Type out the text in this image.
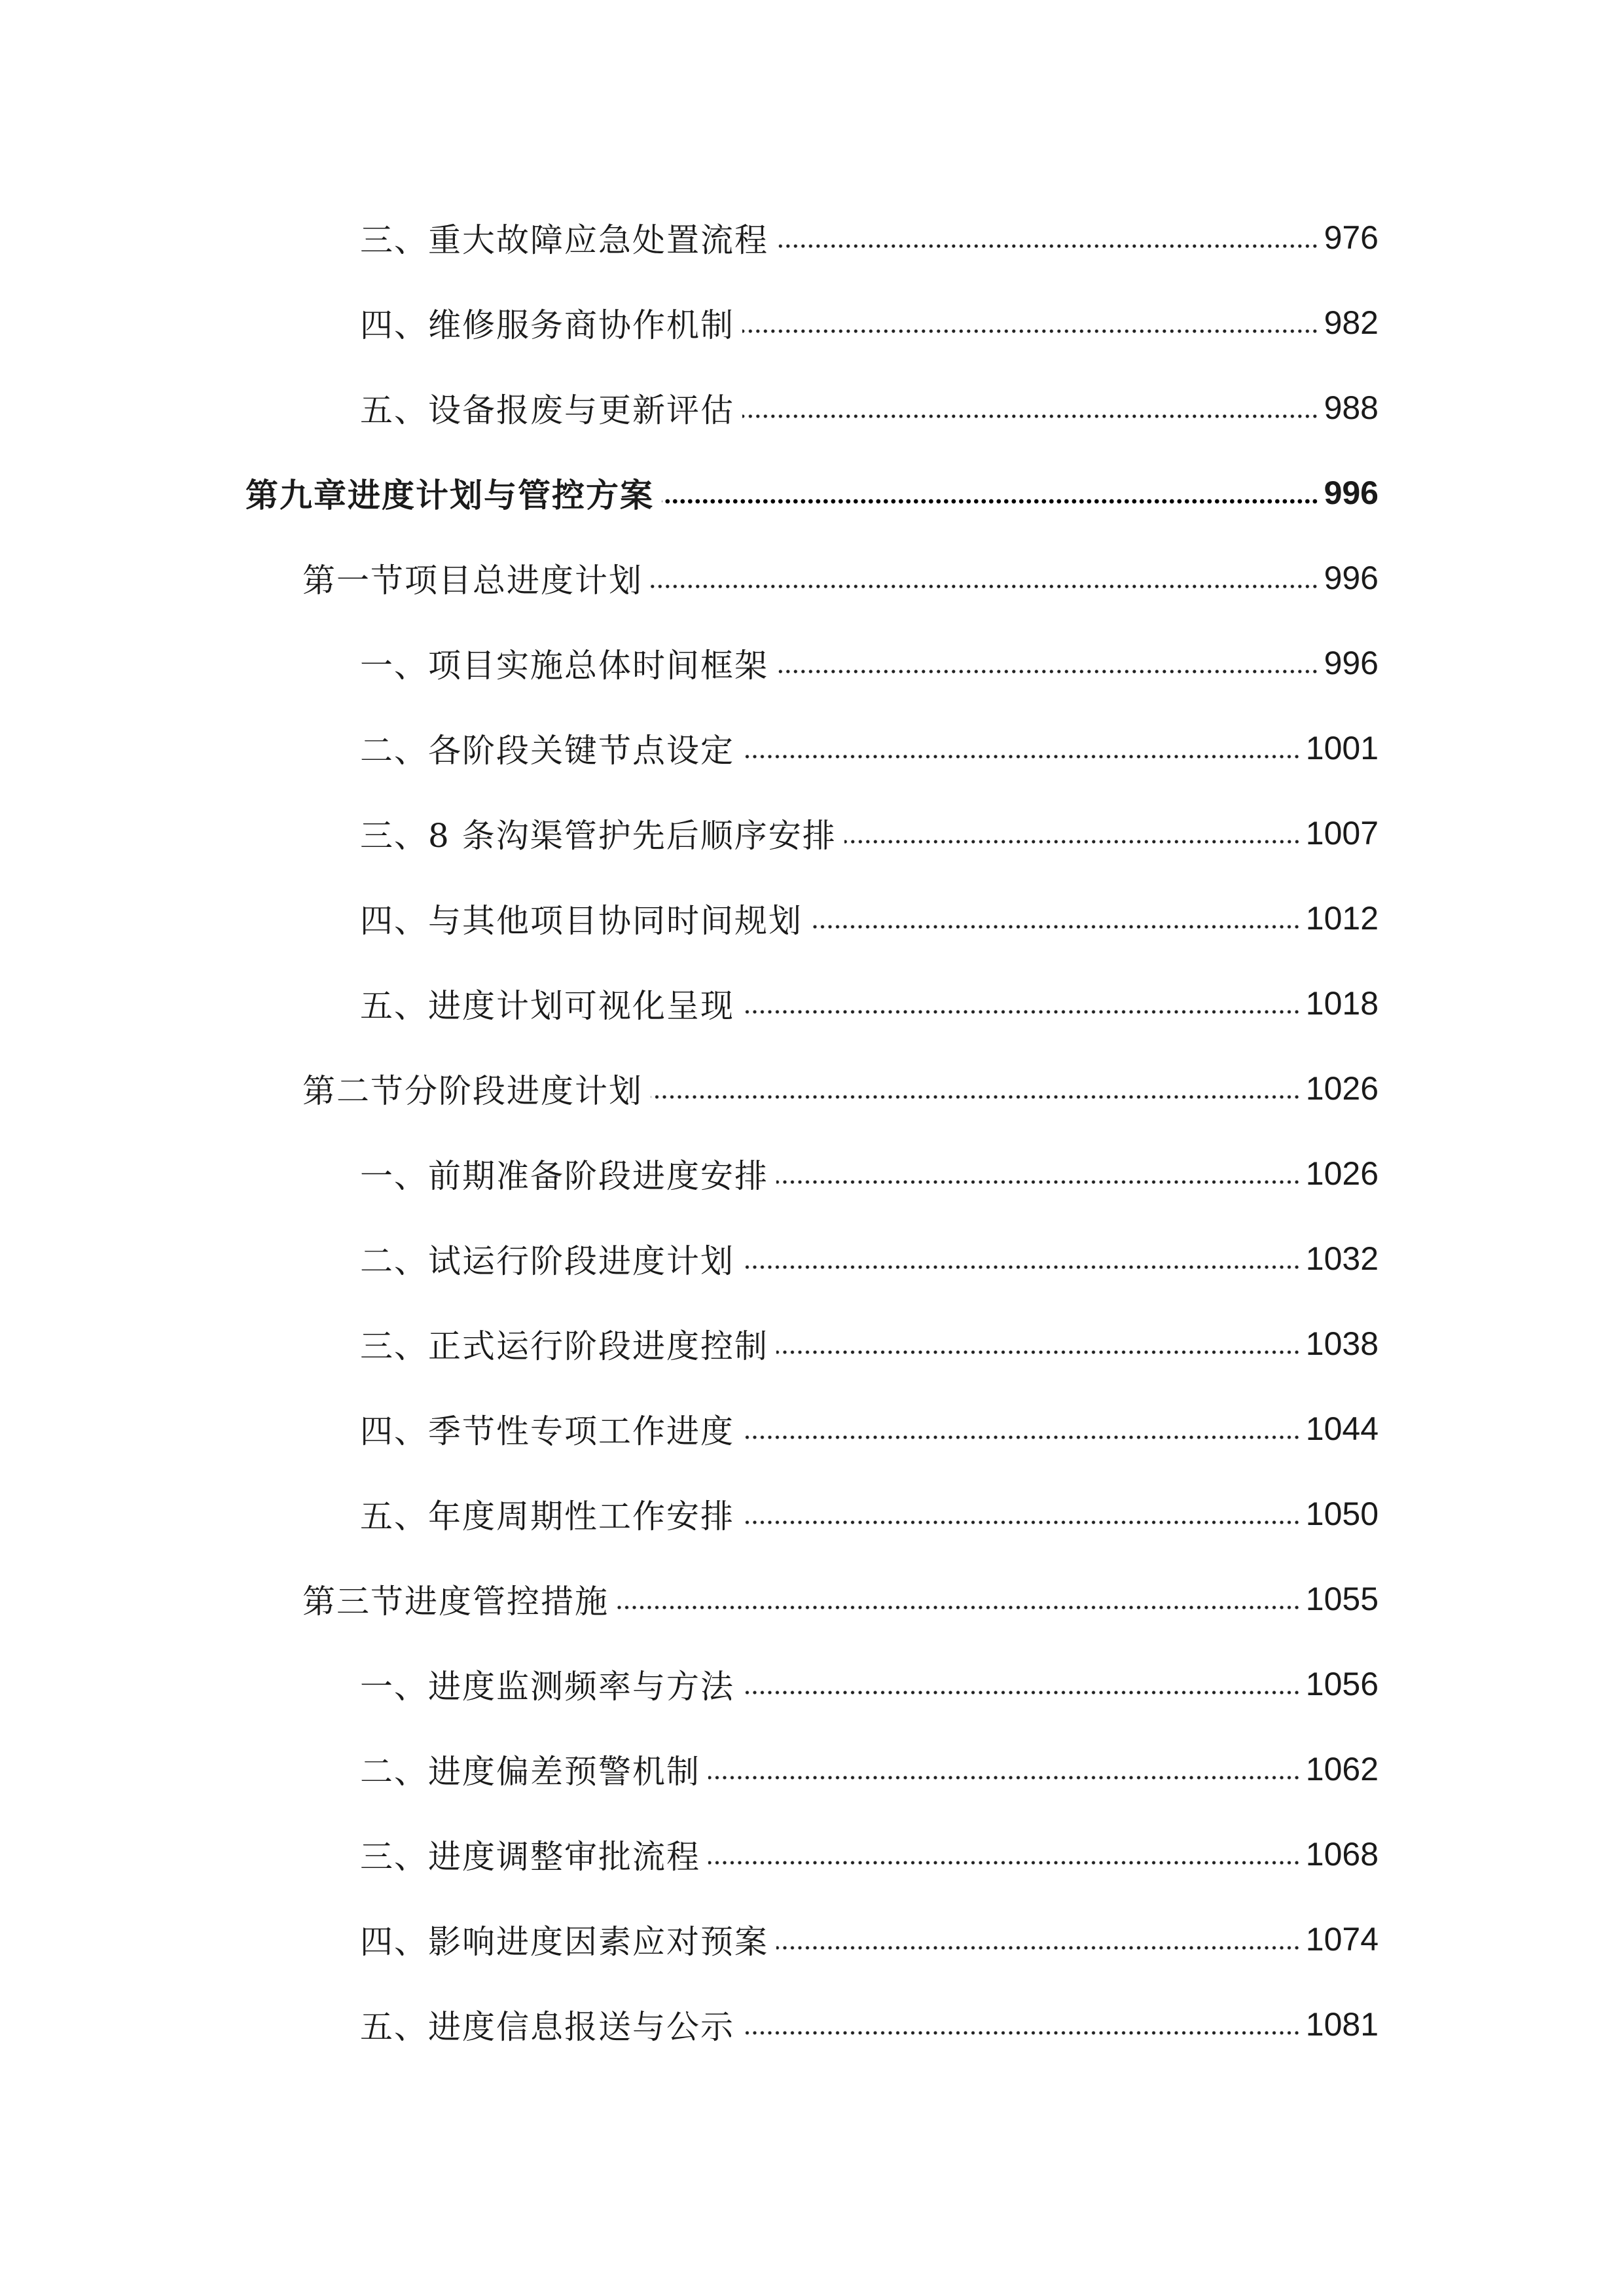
三、重大故障应急处置流程	976
四、维修服务商协作机制	982
五、设备报废与更新评估	988
第九章进度计划与管控方案	996
第一节项目总进度计划	996
一、项目实施总体时间框架	996
二、各阶段关键节点设定	1001
三、8 条沟渠管护先后顺序安排	1007
四、与其他项目协同时间规划	1012
五、进度计划可视化呈现	1018
第二节分阶段进度计划	1026
一、前期准备阶段进度安排	1026
二、试运行阶段进度计划	1032
三、正式运行阶段进度控制	1038
四、季节性专项工作进度	1044
五、年度周期性工作安排	1050
第三节进度管控措施	1055
一、进度监测频率与方法	1056
二、进度偏差预警机制	1062
三、进度调整审批流程	1068
四、影响进度因素应对预案	1074
五、进度信息报送与公示	1081
